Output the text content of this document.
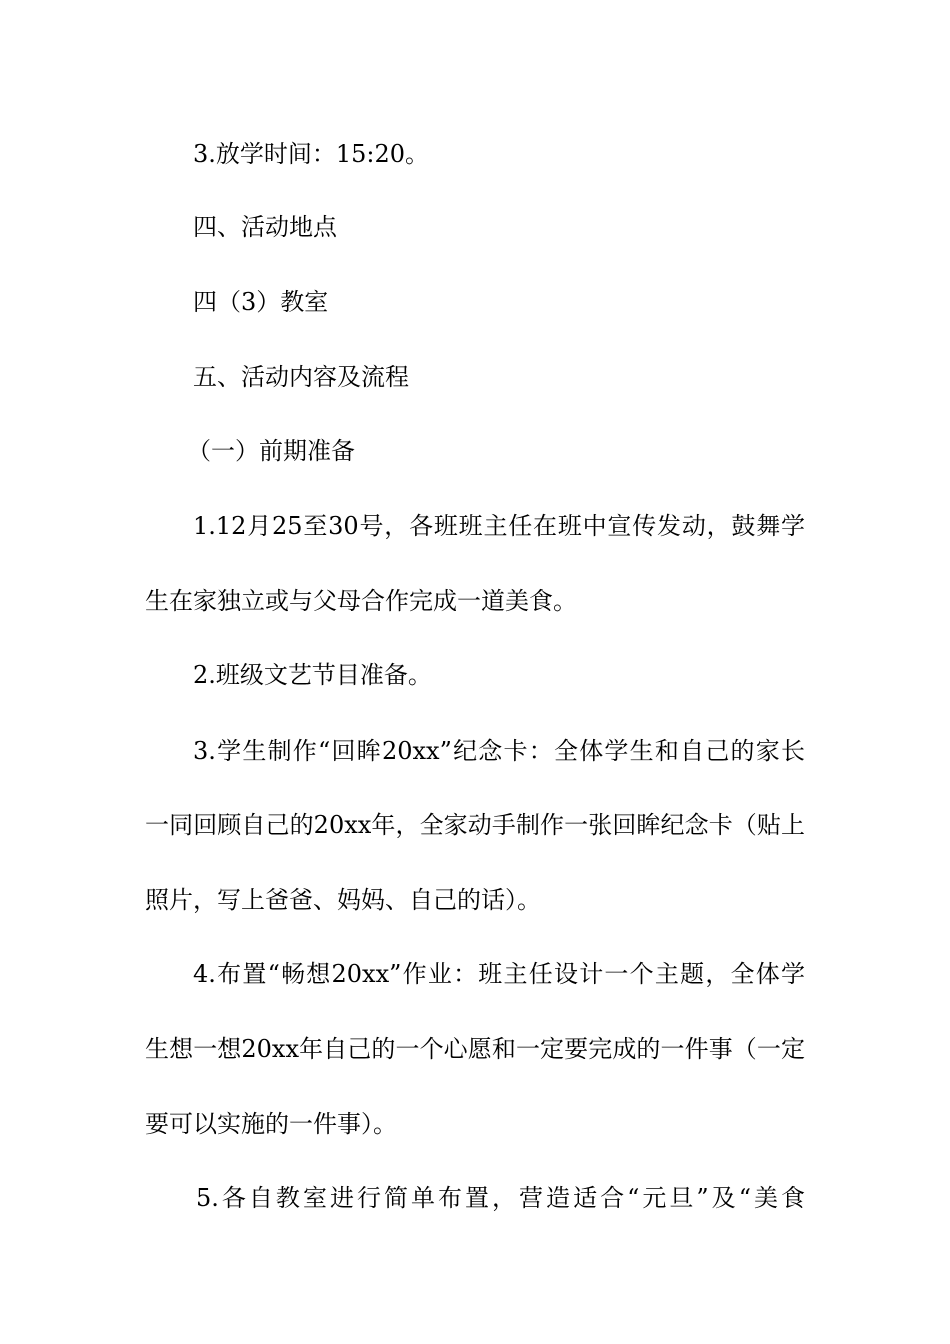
3.放学时间：15:20。
四、活动地点
四（3）教室
五、活动内容及流程
（一）前期准备
1.12月25至30号，各班班主任在班中宣传发动，鼓舞学
生在家独立或与父母合作完成一道美食。
2.班级文艺节目准备。
3.学生制作“回眸20xx”纪念卡：全体学生和自己的家长
一同回顾自己的20xx年，全家动手制作一张回眸纪念卡（贴上
照片，写上爸爸、妈妈、自己的话）。
4.布置“畅想20xx”作业：班主任设计一个主题，全体学
生想一想20xx年自己的一个心愿和一定要完成的一件事（一定
要可以实施的一件事）。
5.各自教室进行简单布置，营造适合“元旦”及“美食
